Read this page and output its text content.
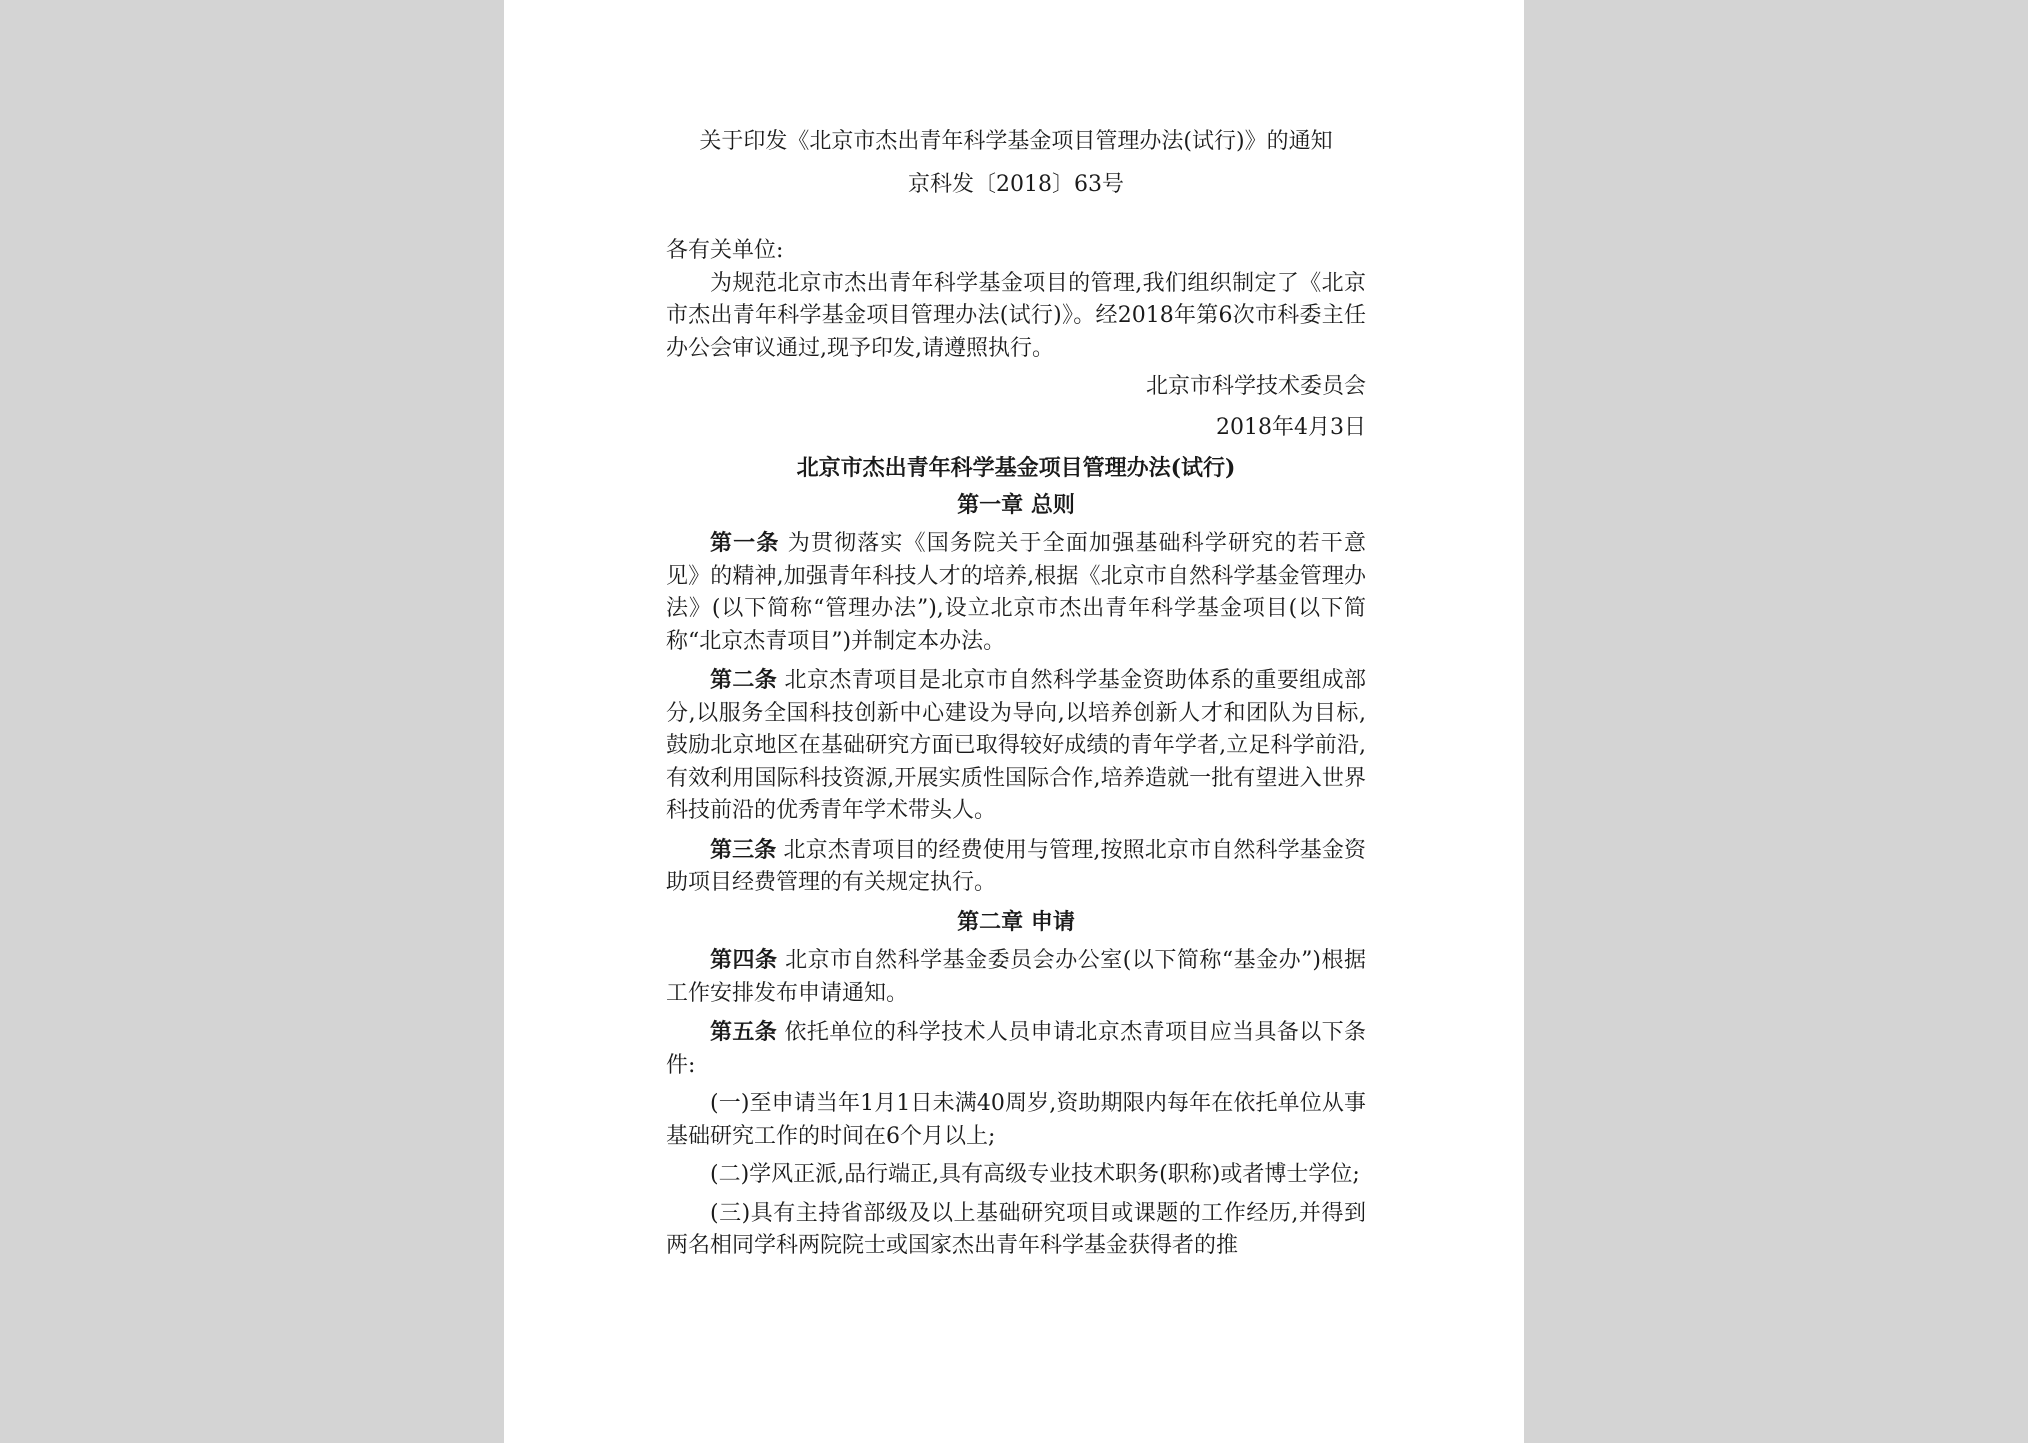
关于印发《北京市杰出青年科学基金项目管理办法(试行)》的通知
京科发〔2018〕63号

各有关单位:

为规范北京市杰出青年科学基金项目的管理,我们组织制定了《北京市杰出青年科学基金项目管理办法(试行)》。经2018年第6次市科委主任办公会审议通过,现予印发,请遵照执行。

北京市科学技术委员会
2018年4月3日
北京市杰出青年科学基金项目管理办法(试行)
第一章 总则

第一条 为贯彻落实《国务院关于全面加强基础科学研究的若干意见》的精神,加强青年科技人才的培养,根据《北京市自然科学基金管理办法》(以下简称“管理办法”),设立北京市杰出青年科学基金项目(以下简称“北京杰青项目”)并制定本办法。

第二条 北京杰青项目是北京市自然科学基金资助体系的重要组成部分,以服务全国科技创新中心建设为导向,以培养创新人才和团队为目标,鼓励北京地区在基础研究方面已取得较好成绩的青年学者,立足科学前沿,有效利用国际科技资源,开展实质性国际合作,培养造就一批有望进入世界科技前沿的优秀青年学术带头人。

第三条 北京杰青项目的经费使用与管理,按照北京市自然科学基金资助项目经费管理的有关规定执行。

第二章 申请

第四条 北京市自然科学基金委员会办公室(以下简称“基金办”)根据工作安排发布申请通知。

第五条 依托单位的科学技术人员申请北京杰青项目应当具备以下条件:

(一)至申请当年1月1日未满40周岁,资助期限内每年在依托单位从事基础研究工作的时间在6个月以上;

(二)学风正派,品行端正,具有高级专业技术职务(职称)或者博士学位;

(三)具有主持省部级及以上基础研究项目或课题的工作经历,并得到两名相同学科两院院士或国家杰出青年科学基金获得者的推
